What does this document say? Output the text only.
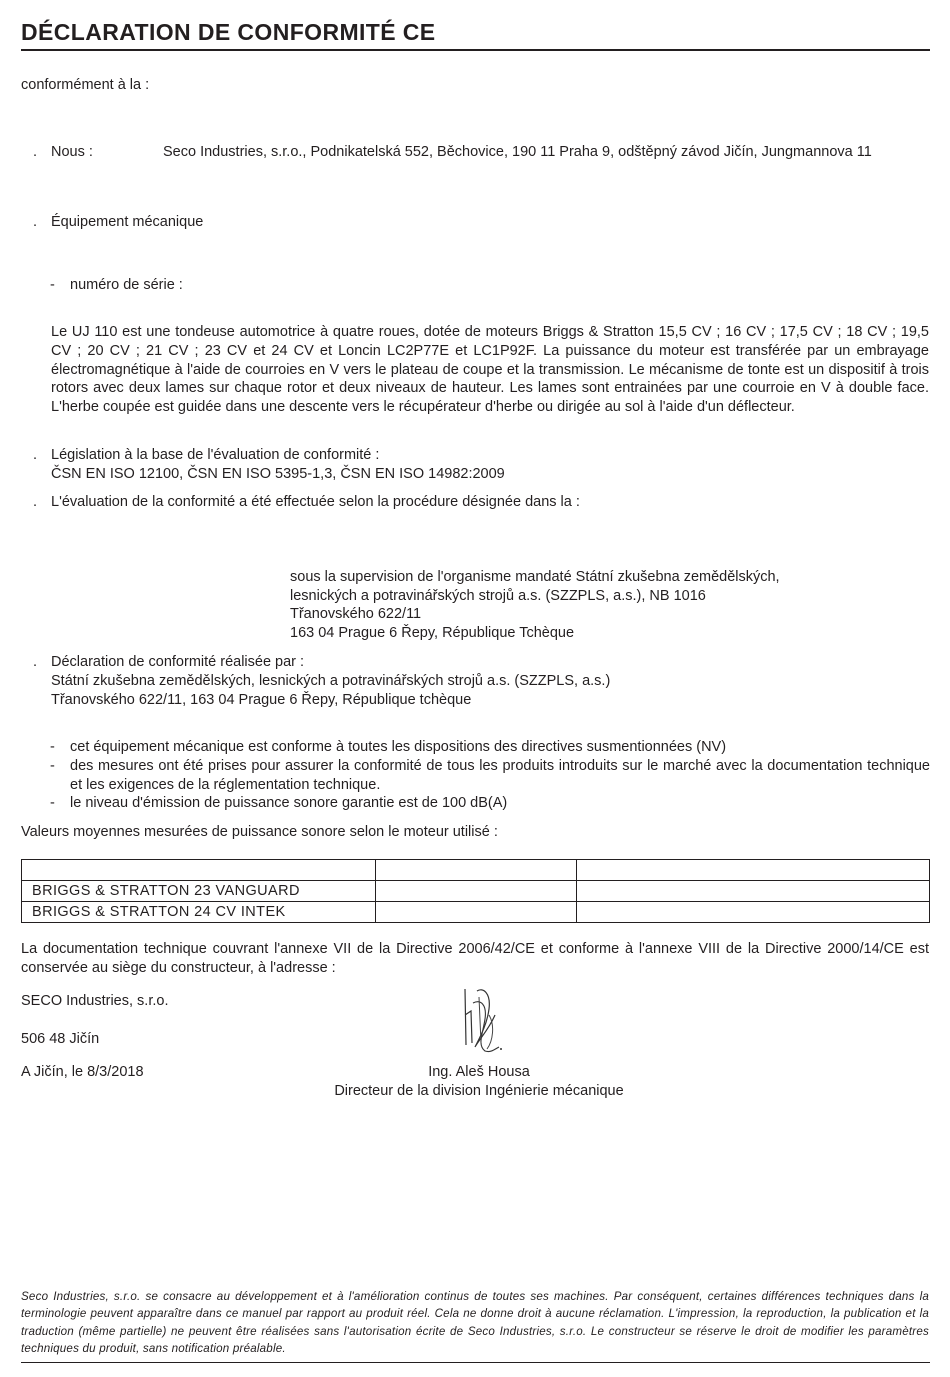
DÉCLARATION DE CONFORMITÉ CE
conformément à la :
. Nous :	Seco Industries, s.r.o., Podnikatelská 552, Běchovice, 190 11 Praha 9, odštěpný závod Jičín, Jungmannova 11
. Équipement mécanique
- numéro de série :
Le UJ 110 est une tondeuse automotrice à quatre roues, dotée de moteurs Briggs & Stratton 15,5 CV ; 16 CV ; 17,5 CV ; 18 CV ; 19,5 CV ; 20 CV ; 21 CV ; 23 CV et 24 CV et Loncin LC2P77E et LC1P92F. La puissance du moteur est transférée par un embrayage électromagnétique à l'aide de courroies en V vers le plateau de coupe et la transmission. Le mécanisme de tonte est un dispositif à trois rotors avec deux lames sur chaque rotor et deux niveaux de hauteur. Les lames sont entrainées par une courroie en V à double face. L'herbe coupée est guidée dans une descente vers le récupérateur d'herbe ou dirigée au sol à l'aide d'un déflecteur.
. Législation à la base de l'évaluation de conformité :
ČSN EN ISO 12100, ČSN EN ISO 5395-1,3, ČSN EN ISO 14982:2009
. L'évaluation de la conformité a été effectuée selon la procédure désignée dans la :
sous la supervision de l'organisme mandaté Státní zkušebna zemědělských,
lesnických a potravinářských strojů a.s. (SZZPLS, a.s.), NB 1016
Třanovského 622/11
163 04 Prague 6 Řepy, République Tchèque
. Déclaration de conformité réalisée par :
Státní zkušebna zemědělských, lesnických a potravinářských strojů a.s. (SZZPLS, a.s.)
Třanovského 622/11, 163 04 Prague 6 Řepy, République tchèque
- cet équipement mécanique est conforme à toutes les dispositions des directives susmentionnées (NV)
- des mesures ont été prises pour assurer la conformité de tous les produits introduits sur le marché avec la documentation technique et les exigences de la réglementation technique.
- le niveau d'émission de puissance sonore garantie est de 100 dB(A)
Valeurs moyennes mesurées de puissance sonore selon le moteur utilisé :

BRIGGS & STRATTON 23 VANGUARD		
BRIGGS & STRATTON 24 CV INTEK		
La documentation technique couvrant l'annexe VII de la Directive 2006/42/CE et conforme à l'annexe VIII de la Directive 2000/14/CE est conservée au siège du constructeur, à l'adresse :
SECO Industries, s.r.o.
506 48 Jičín
A Jičín, le 8/3/2018	Ing. Aleš Housa
Directeur de la division Ingénierie mécanique
Seco Industries, s.r.o. se consacre au développement et à l'amélioration continus de toutes ses machines. Par conséquent, certaines différences techniques dans la terminologie peuvent apparaître dans ce manuel par rapport au produit réel. Cela ne donne droit à aucune réclamation. L'impression, la reproduction, la publication et la traduction (même partielle) ne peuvent être réalisées sans l'autorisation écrite de Seco Industries, s.r.o. Le constructeur se réserve le droit de modifier les paramètres techniques du produit, sans notification préalable.
